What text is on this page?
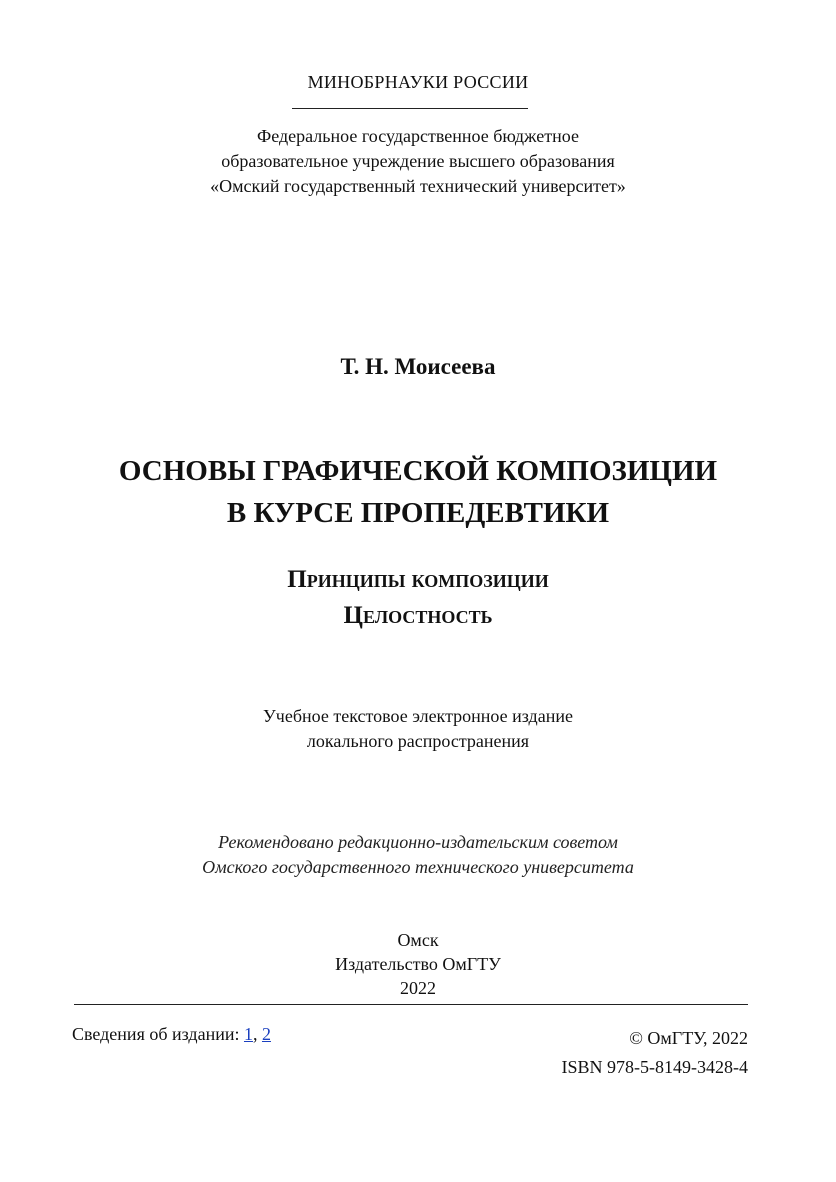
МИНОБРНАУКИ РОССИИ
Федеральное государственное бюджетное
образовательное учреждение высшего образования
«Омский государственный технический университет»
Т. Н. Моисеева
ОСНОВЫ ГРАФИЧЕСКОЙ КОМПОЗИЦИИ
В КУРСЕ ПРОПЕДЕВТИКИ
Принципы композиции
Целостность
Учебное текстовое электронное издание
локального распространения
Рекомендовано редакционно-издательским советом
Омского государственного технического университета
Омск
Издательство ОмГТУ
2022
Сведения об издании: 1, 2	© ОмГТУ, 2022
ISBN 978-5-8149-3428-4
